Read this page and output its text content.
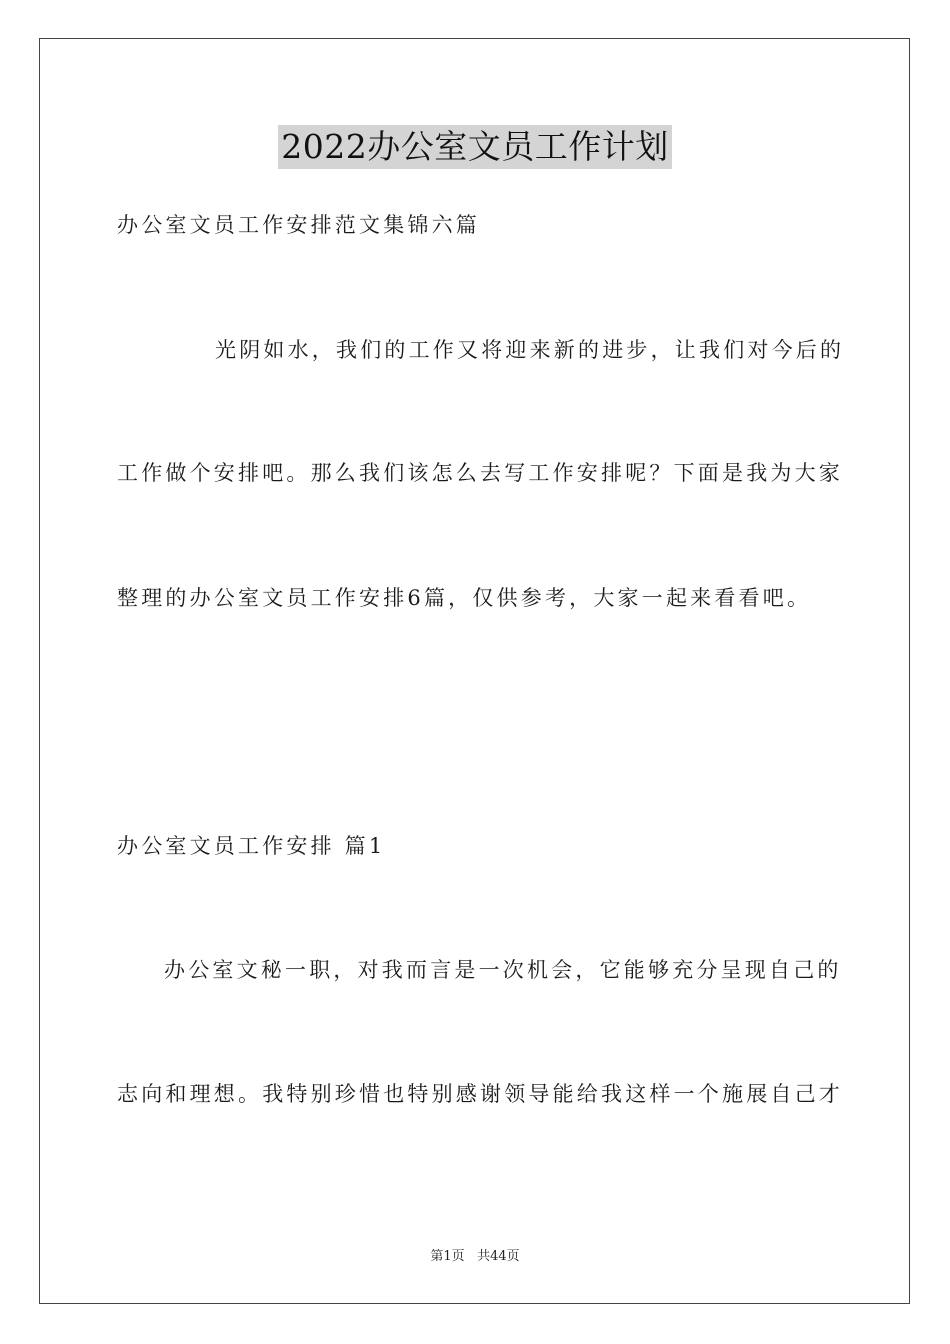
2022办公室文员工作计划
办公室文员工作安排范文集锦六篇
光阴如水，我们的工作又将迎来新的进步，让我们对今后的
工作做个安排吧。那么我们该怎么去写工作安排呢？下面是我为大家
整理的办公室文员工作安排6篇，仅供参考，大家一起来看看吧。
办公室文员工作安排 篇1
办公室文秘一职，对我而言是一次机会，它能够充分呈现自己的
志向和理想。我特别珍惜也特别感谢领导能给我这样一个施展自己才
第1页 共44页
